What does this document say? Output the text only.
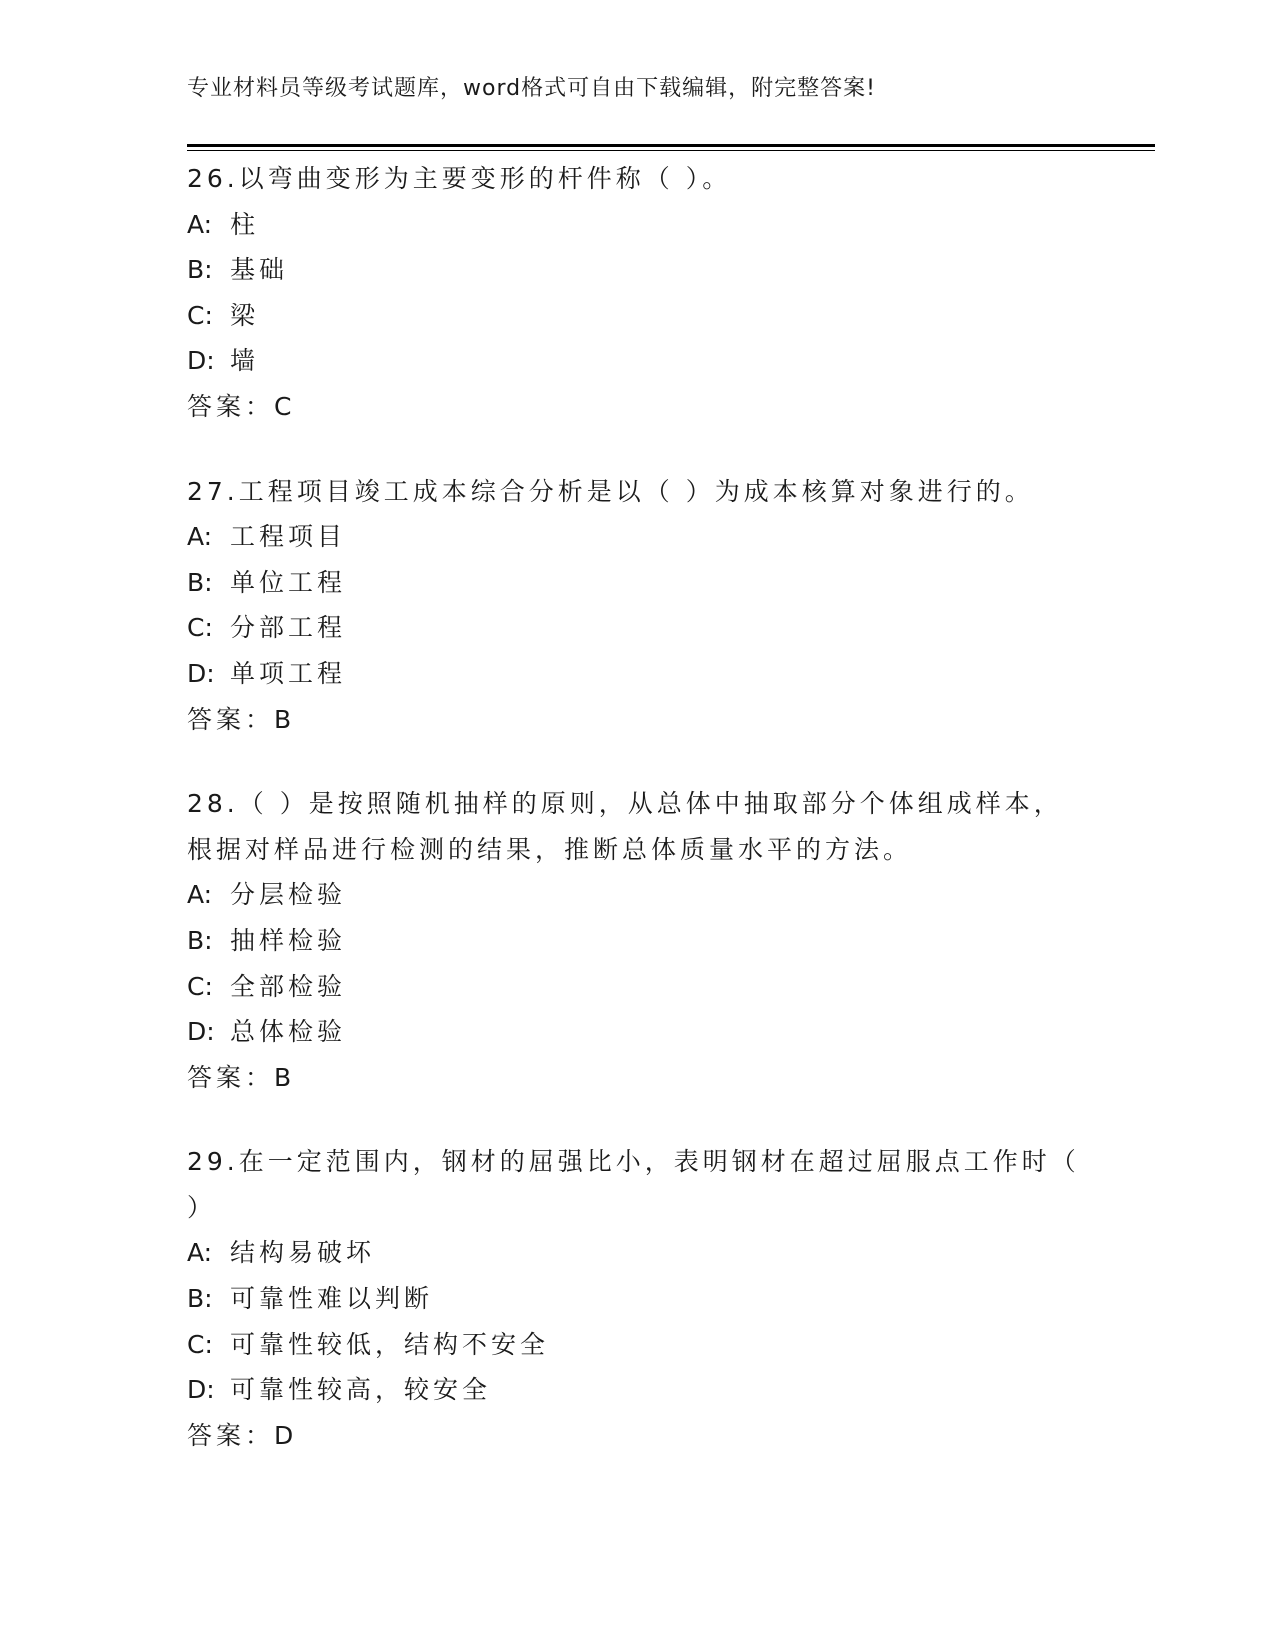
专业材料员等级考试题库，word格式可自由下载编辑，附完整答案!
26.以弯曲变形为主要变形的杆件称（ ）。
A: 柱
B: 基础
C: 梁
D: 墙
答案：C
27.工程项目竣工成本综合分析是以（ ）为成本核算对象进行的。
A: 工程项目
B: 单位工程
C: 分部工程
D: 单项工程
答案：B
28.（ ）是按照随机抽样的原则，从总体中抽取部分个体组成样本，
根据对样品进行检测的结果，推断总体质量水平的方法。
A: 分层检验
B: 抽样检验
C: 全部检验
D: 总体检验
答案：B
29.在一定范围内，钢材的屈强比小，表明钢材在超过屈服点工作时（
）
A: 结构易破坏
B: 可靠性难以判断
C: 可靠性较低，结构不安全
D: 可靠性较高，较安全
答案：D
